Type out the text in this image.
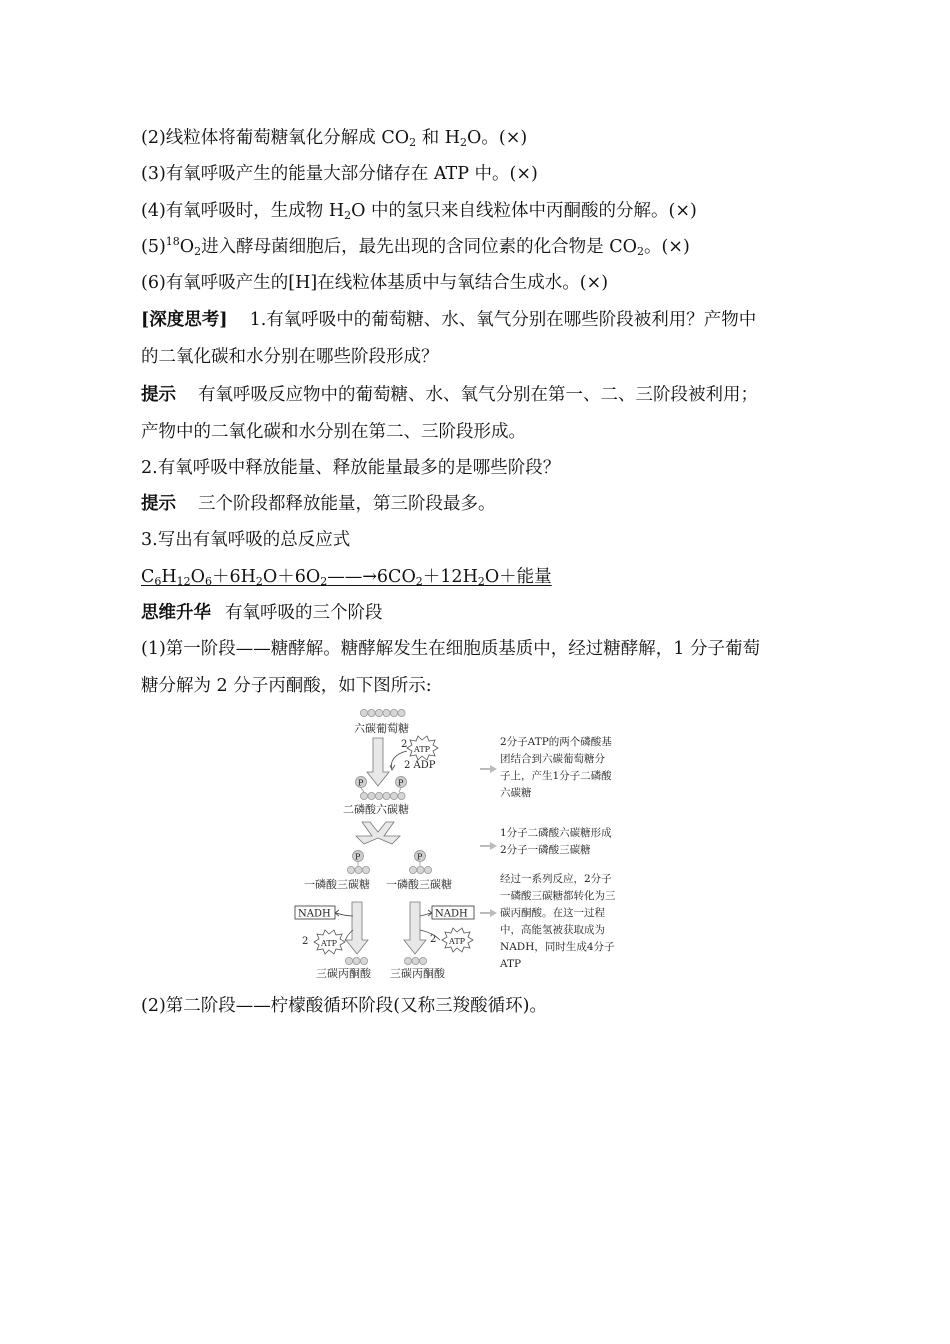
(2)线粒体将葡萄糖氧化分解成 $CO_2$ 和 $H_2O$。(×)
(3)有氧呼吸产生的能量大部分储存在 ATP 中。(×)
(4)有氧呼吸时，生成物 $H_2O$ 中的氢只来自线粒体中丙酮酸的分解。(×)
$(5)^{18}O_2$进入酵母菌细胞后，最先出现的含同位素的化合物是 $CO_2$。(×)
(6)有氧呼吸产生的[H]在线粒体基质中与氧结合生成水。(×)
[深度思考] 1.有氧呼吸中的葡萄糖、水、氧气分别在哪些阶段被利用？产物中
的二氧化碳和水分别在哪些阶段形成？
提示 有氧呼吸反应物中的葡萄糖、水、氧气分别在第一、二、三阶段被利用；
产物中的二氧化碳和水分别在第二、三阶段形成。
2.有氧呼吸中释放能量、释放能量最多的是哪些阶段？
提示 三个阶段都释放能量，第三阶段最多。
3.写出有氧呼吸的总反应式
$C_6H_{12}O_6+6H_2O+6O_2——\to 6CO_2+12H_2O+$能量
思维升华 有氧呼吸的三个阶段
(1)第一阶段——糖酵解。糖酵解发生在细胞质基质中，经过糖酵解，1 分子葡萄
糖分解为 2 分子丙酮酸，如下图所示:
六碳葡萄糖
2 ATP
2 ADP
P	P
二磷酸六碳糖
P
一磷酸三碳糖
P
一磷酸三碳糖
NADH
2 ATP
三碳丙酮酸
NADH
2 ATP
三碳丙酮酸
2分子ATP的两个磷酸基
团结合到六碳葡萄糖分
子上，产生1分子二磷酸
六碳糖
1分子二磷酸六碳糖形成
2分子一磷酸三碳糖
经过一系列反应，2分子
一磷酸三碳糖都转化为三
碳丙酮酸。在这一过程
中，高能氢被获取成为
NADH，同时生成4分子
ATP
(2)第二阶段——柠檬酸循环阶段(又称三羧酸循环)。
